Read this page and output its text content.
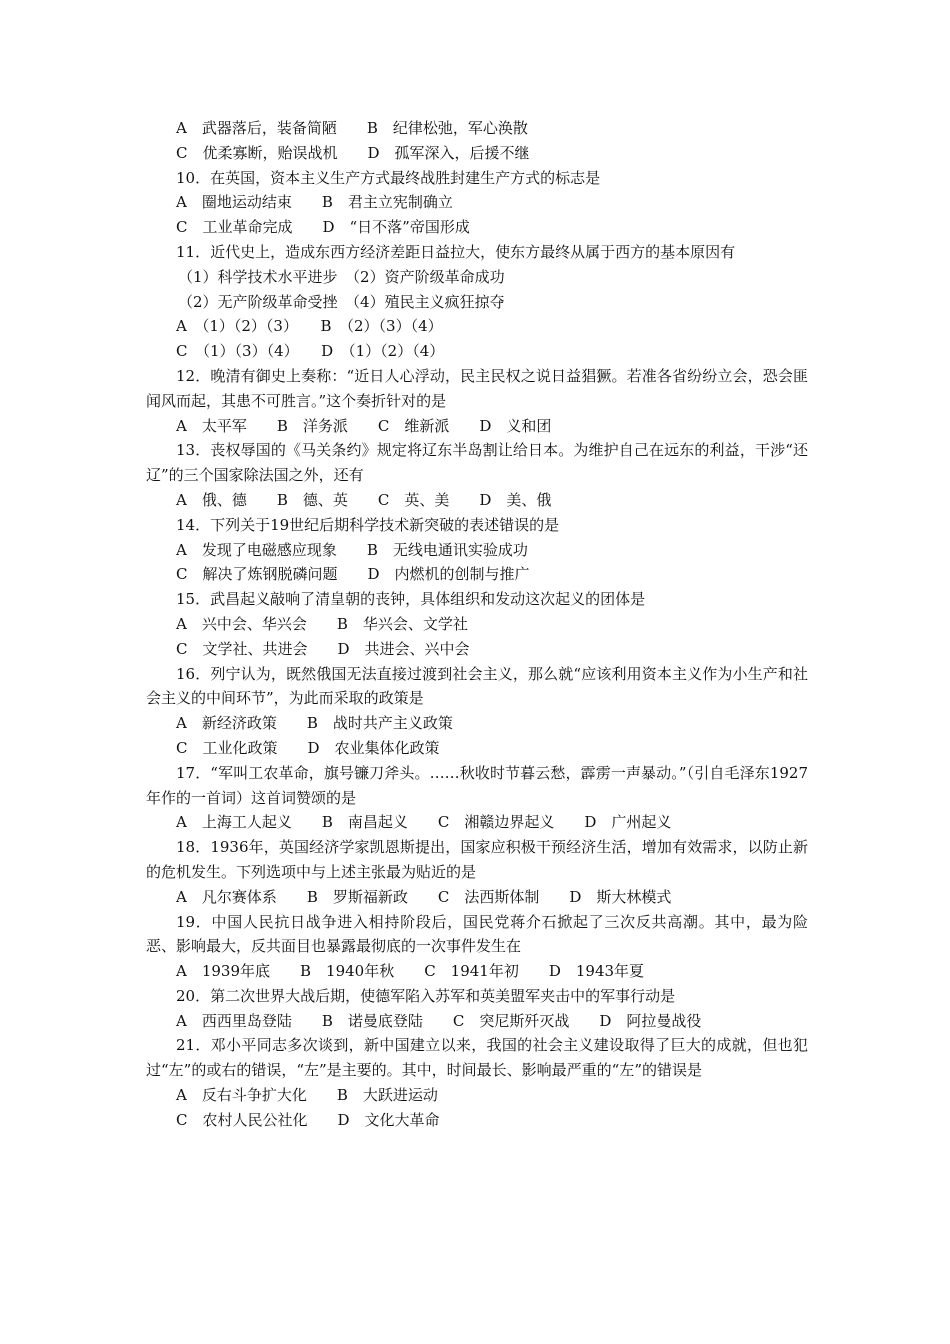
A　武器落后，装备简陋　　B　纪律松弛，军心涣散
C　优柔寡断，贻误战机　　D　孤军深入，后援不继
10．在英国，资本主义生产方式最终战胜封建生产方式的标志是
A　圈地运动结束　　B　君主立宪制确立
C　工业革命完成　　D　“日不落”帝国形成
11．近代史上，造成东西方经济差距日益拉大，使东方最终从属于西方的基本原因有
（1）科学技术水平进步　（2）资产阶级革命成功
（2）无产阶级革命受挫　（4）殖民主义疯狂掠夺
A　（1）（2）（3）　　B　（2）（3）（4）
C　（1）（3）（4）　　D　（1）（2）（4）
12．晚清有御史上奏称：“近日人心浮动，民主民权之说日益猖獗。若准各省纷纷立会，恐会匪闻风而起，其患不可胜言。”这个奏折针对的是
A　太平军　　B　洋务派　　C　维新派　　D　义和团
13．丧权辱国的《马关条约》规定将辽东半岛割让给日本。为维护自己在远东的利益，干涉“还辽”的三个国家除法国之外，还有
A　俄、德　　B　德、英　　C　英、美　　D　美、俄
14．下列关于19世纪后期科学技术新突破的表述错误的是
A　发现了电磁感应现象　　B　无线电通讯实验成功
C　解决了炼钢脱磷问题　　D　内燃机的创制与推广
15．武昌起义敲响了清皇朝的丧钟，具体组织和发动这次起义的团体是
A　兴中会、华兴会　　B　华兴会、文学社
C　文学社、共进会　　D　共进会、兴中会
16．列宁认为，既然俄国无法直接过渡到社会主义，那么就“应该利用资本主义作为小生产和社会主义的中间环节”，为此而采取的政策是
A　新经济政策　　B　战时共产主义政策
C　工业化政策　　D　农业集体化政策
17．“军叫工农革命，旗号镰刀斧头。……秋收时节暮云愁，霹雳一声暴动。”（引自毛泽东1927年作的一首词）这首词赞颂的是
A　上海工人起义　　B　南昌起义　　C　湘赣边界起义　　D　广州起义
18．1936年，英国经济学家凯恩斯提出，国家应积极干预经济生活，增加有效需求，以防止新的危机发生。下列选项中与上述主张最为贴近的是
A　凡尔赛体系　　B　罗斯福新政　　C　法西斯体制　　D　斯大林模式
19．中国人民抗日战争进入相持阶段后，国民党蒋介石掀起了三次反共高潮。其中，最为险恶、影响最大，反共面目也暴露最彻底的一次事件发生在
A　1939年底　　B　1940年秋　　C　1941年初　　D　1943年夏
20．第二次世界大战后期，使德军陷入苏军和英美盟军夹击中的军事行动是
A　西西里岛登陆　　B　诺曼底登陆　　C　突尼斯歼灭战　　D　阿拉曼战役
21．邓小平同志多次谈到，新中国建立以来，我国的社会主义建设取得了巨大的成就，但也犯过“左”的或右的错误，“左”是主要的。其中，时间最长、影响最严重的“左”的错误是
A　反右斗争扩大化　　B　大跃进运动
C　农村人民公社化　　D　文化大革命
